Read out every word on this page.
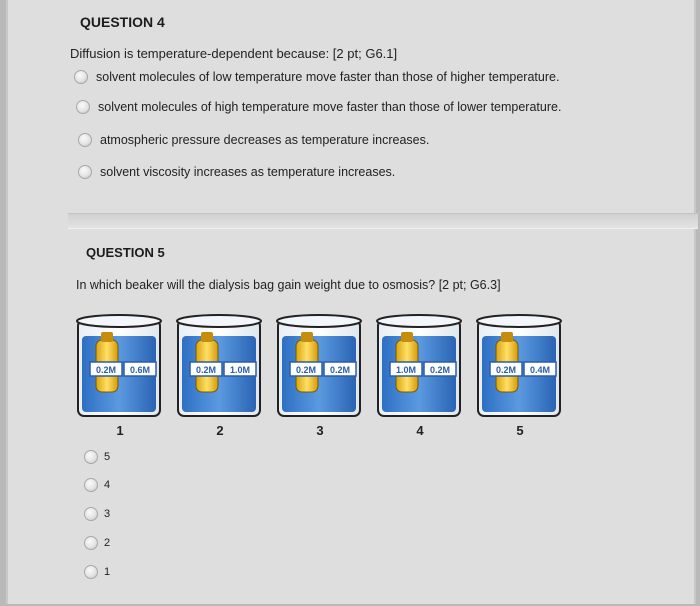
QUESTION 4
Diffusion is temperature-dependent because: [2 pt; G6.1]
solvent molecules of low temperature move faster than those of higher temperature.
solvent molecules of high temperature move faster than those of lower temperature.
atmospheric pressure decreases as temperature increases.
solvent viscosity increases as temperature increases.
QUESTION 5
In which beaker will the dialysis bag gain weight due to osmosis? [2 pt; G6.3]
0.2M 0.6M	0.2M 1.0M	0.2M 0.2M	1.0M 0.2M	0.2M 0.4M
1	2	3	4	5
5
4
3
2
1
